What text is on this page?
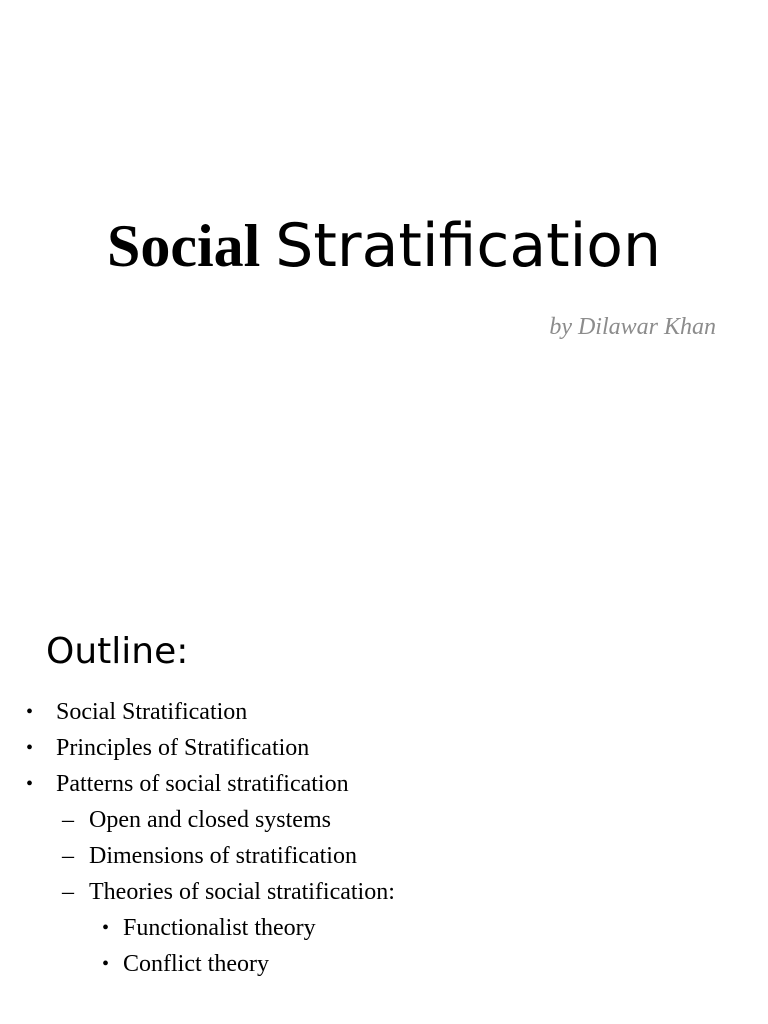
Social Stratification
by Dilawar Khan
Outline:
• Social Stratification
• Principles of Stratification
• Patterns of social stratification
– Open and closed systems
– Dimensions of stratification
– Theories of social stratification:
• Functionalist theory
• Conflict theory
